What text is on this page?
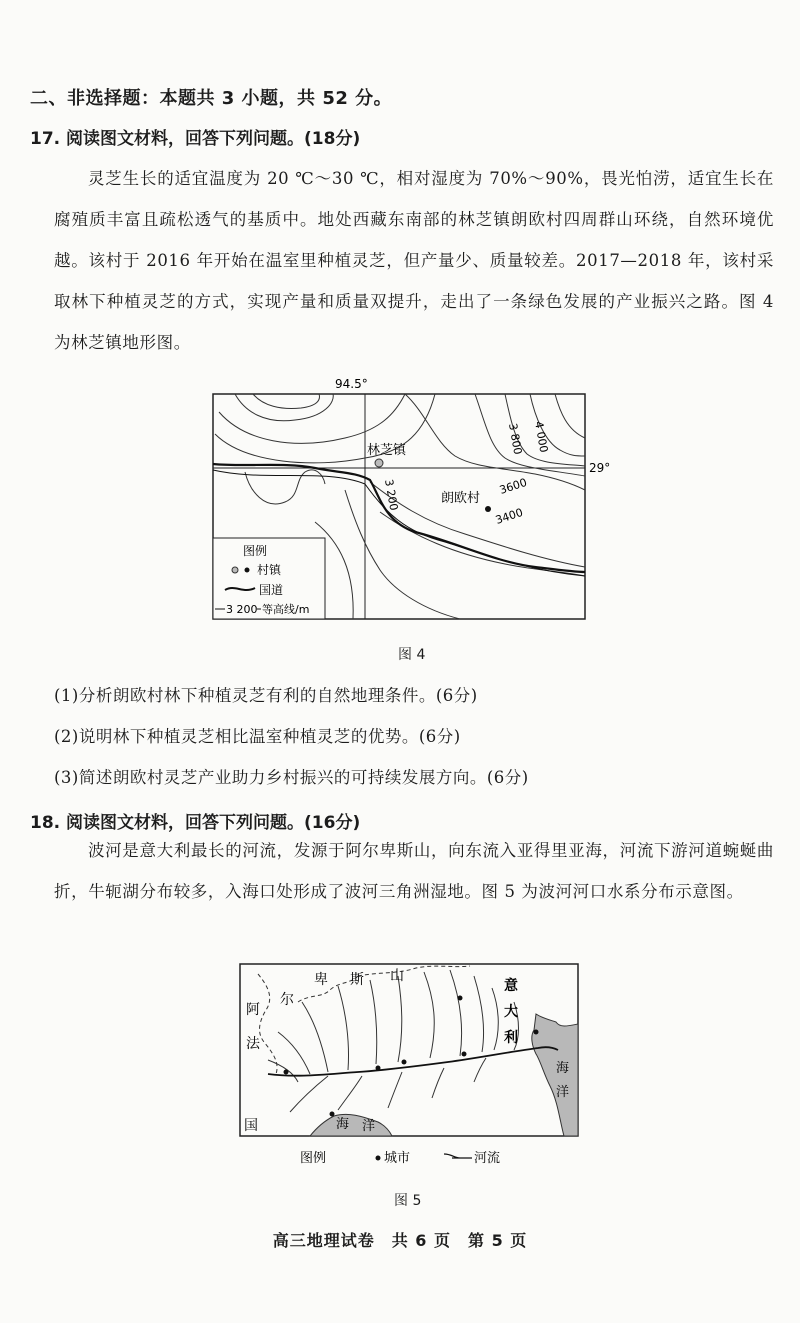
二、非选择题：本题共 3 小题，共 52 分。
17. 阅读图文材料，回答下列问题。(18分)
灵芝生长的适宜温度为 20 ℃～30 ℃，相对湿度为 70%～90%，畏光怕涝，适宜生长在腐殖质丰富且疏松透气的基质中。地处西藏东南部的林芝镇朗欧村四周群山环绕，自然环境优越。该村于 2016 年开始在温室里种植灵芝，但产量少、质量较差。2017—2018 年，该村采取林下种植灵芝的方式，实现产量和质量双提升，走出了一条绿色发展的产业振兴之路。图 4 为林芝镇地形图。
94.5°
29°
林芝镇
朗欧村
4 000
3 800
3600
3400
3 200
图例
村镇
国道
3 200 等高线/m
图 4
(1)分析朗欧村林下种植灵芝有利的自然地理条件。(6分)
(2)说明林下种植灵芝相比温室种植灵芝的优势。(6分)
(3)简述朗欧村灵芝产业助力乡村振兴的可持续发展方向。(6分)
18. 阅读图文材料，回答下列问题。(16分)
波河是意大利最长的河流，发源于阿尔卑斯山，向东流入亚得里亚海，河流下游河道蜿蜒曲折，牛轭湖分布较多，入海口处形成了波河三角洲湿地。图 5 为波河河口水系分布示意图。
卑 斯 山
尔
阿
法
国
意
大
利
海
洋
海 洋
图例	城市	河流
图 5
高三地理试卷　共 6 页　第 5 页
